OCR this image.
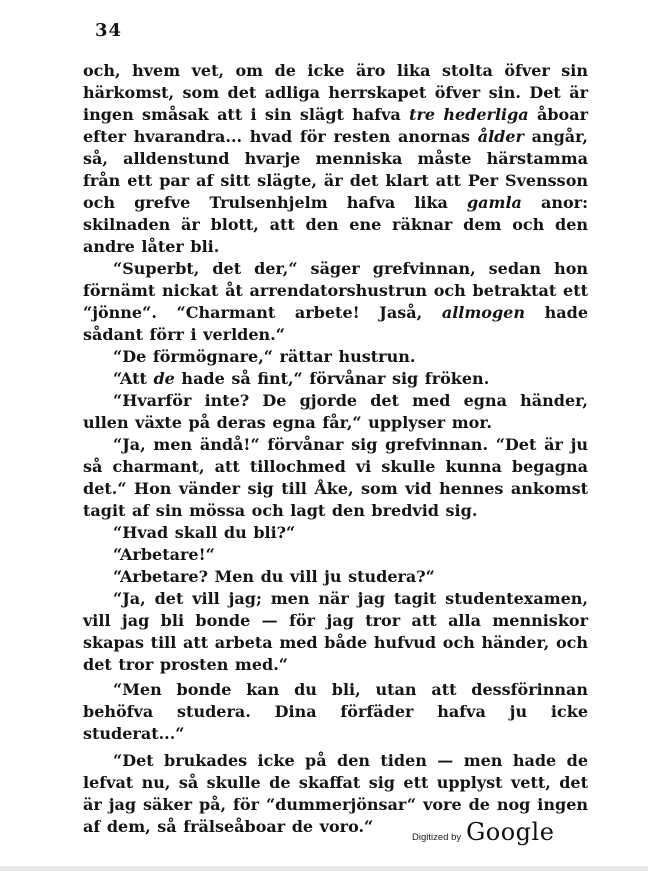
34

och, hvem vet, om de icke äro lika stolta öfver sin härkomst, som det adliga herrskapet öfver sin. Det är ingen småsak att i sin slägt hafva tre hederliga åboar efter hvarandra... hvad för resten anornas ålder angår, så, alldenstund hvarje menniska måste härstamma från ett par af sitt slägte, är det klart att Per Svensson och grefve Trulsenhjelm hafva lika gamla anor: skilnaden är blott, att den ene räknar dem och den andre låter bli.

“Superbt, det der,“ säger grefvinnan, sedan hon förnämt nickat åt arrendatorshustrun och betraktat ett “jönne“. “Charmant arbete! Jaså, allmogen hade sådant förr i verlden.“

“De förmögnare,“ rättar hustrun.

“Att de hade så fint,“ förvånar sig fröken.

“Hvarför inte? De gjorde det med egna händer, ullen växte på deras egna får,“ upplyser mor.

“Ja, men ändå!“ förvånar sig grefvinnan. “Det är ju så charmant, att tillochmed vi skulle kunna begagna det.“ Hon vänder sig till Åke, som vid hennes ankomst tagit af sin mössa och lagt den bredvid sig.

“Hvad skall du bli?“

“Arbetare!“

“Arbetare? Men du vill ju studera?“

“Ja, det vill jag; men när jag tagit studentexamen, vill jag bli bonde — för jag tror att alla menniskor skapas till att arbeta med både hufvud och händer, och det tror prosten med.“

“Men bonde kan du bli, utan att dessförinnan behöfva studera. Dina förfäder hafva ju icke studerat...“

“Det brukades icke på den tiden — men hade de lefvat nu, så skulle de skaffat sig ett upplyst vett, det är jag säker på, för “dummerjönsar“ vore de nog ingen af dem, så frälseåboar de voro.“

Digitized by Google
